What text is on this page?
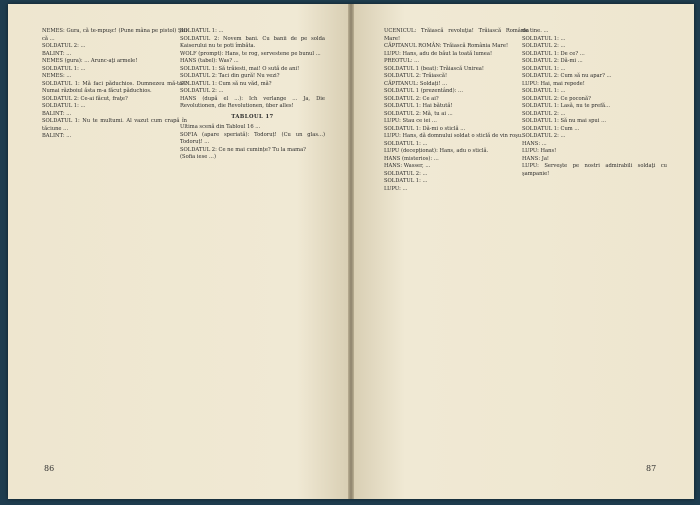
NEMES: Gura, că te-mpuşc! (Pune mâna pe pistol) Ştii că ...

SOLDATUL 2: ...

BALINT: ...

NEMES (gura): ... Arunc-aţi armele!

SOLDATUL 1: ...

NEMES: ...

SOLDATUL 1: Mă faci păduchios. Dumnezeu mă-ta!? Numai războiul ăsta m-a făcut păduchios.

SOLDATUL 2: Ce-ai făcut, fraţe?

SOLDATUL 1: ...

BALINT: ...

SOLDATUL 1: Nu te multumi. Al vazut cum crapă în tăciune ...

BALINT: ...

SOLDATUL 1: ...

SOLDATUL 2: Novem bani. Cu banii de pe solda Kaiserului nu te poti îmbăta.

WOLF (prompt): Hans, te rog, servestene pe bunul ...

HANS (tabel): Was? ...

SOLDATUL 1: Să trăiesti, mai! O sută de ani!

SOLDATUL 2: Taci din gură! Nu vezi?

SOLDATUL 1: Cum să nu văd, mă?

SOLDATUL 2: ...

HANS (după el ...): Ich verlange ... Ja, Die Revolutionen, die Revolutionen, über alles!

TABLOUL 17

Ultima scenă din Tabloul 16 ...

SOFIA (apare speriată): Todoruț! (Cu un glas...) Todoruț! ...

SOLDATUL 2: Ce ne mai cumințe? Tu la mama?

(Sofia iese ...)

86

UCENICUL: Trăiască revoluţia! Trăiască România Mare!

CĂPITANUL ROMÂN: Trăiască România Mare!

LUPU: Hans, adu de băut la toată lumea!

PREOTUL: ...

SOLDATUL 1 (beat): Trăiască Unirea!

SOLDATUL 2: Trăiască!

CĂPITANUL: Soldați! ...

SOLDATUL 1 (prezentând): ...

SOLDATUL 2: Ce ai?

SOLDATUL 1: Hai bătută!

SOLDATUL 2: Mă, tu ai ...

LUPU: Stau ce iei ...

SOLDATUL 1: Dă-mi o sticlă ...

LUPU: Hans, dă domnului soldat o sticlă de vin roşu.

SOLDATUL 1: ...

LUPU (decepționat): Hans, adu o sticlă.

HANS (misterios): ...

HANS: Wasser, ...

SOLDATUL 2: ...

SOLDATUL 1: ...

LUPU: ...

de tine. ...

SOLDATUL 1: ...

SOLDATUL 2: ...

SOLDATUL 1: De ce? ...

SOLDATUL 2: Dă-mi ...

SOLDATUL 1: ...

SOLDATUL 2: Cum să nu apar? ...

LUPU: Hai, mai repede!

SOLDATUL 1: ...

SOLDATUL 2: Ce poconă?

SOLDATUL 1: Lasă, nu te prefă...

SOLDATUL 2: ...

SOLDATUL 1: Să nu mai spui ...

SOLDATUL 1: Cum ...

SOLDATUL 2: ...

HANS: ...

LUPU: Hans!

HANS: Ja!

LUPU: Serveşte pe nostri admirabili soldaţi cu şampanie!

87
